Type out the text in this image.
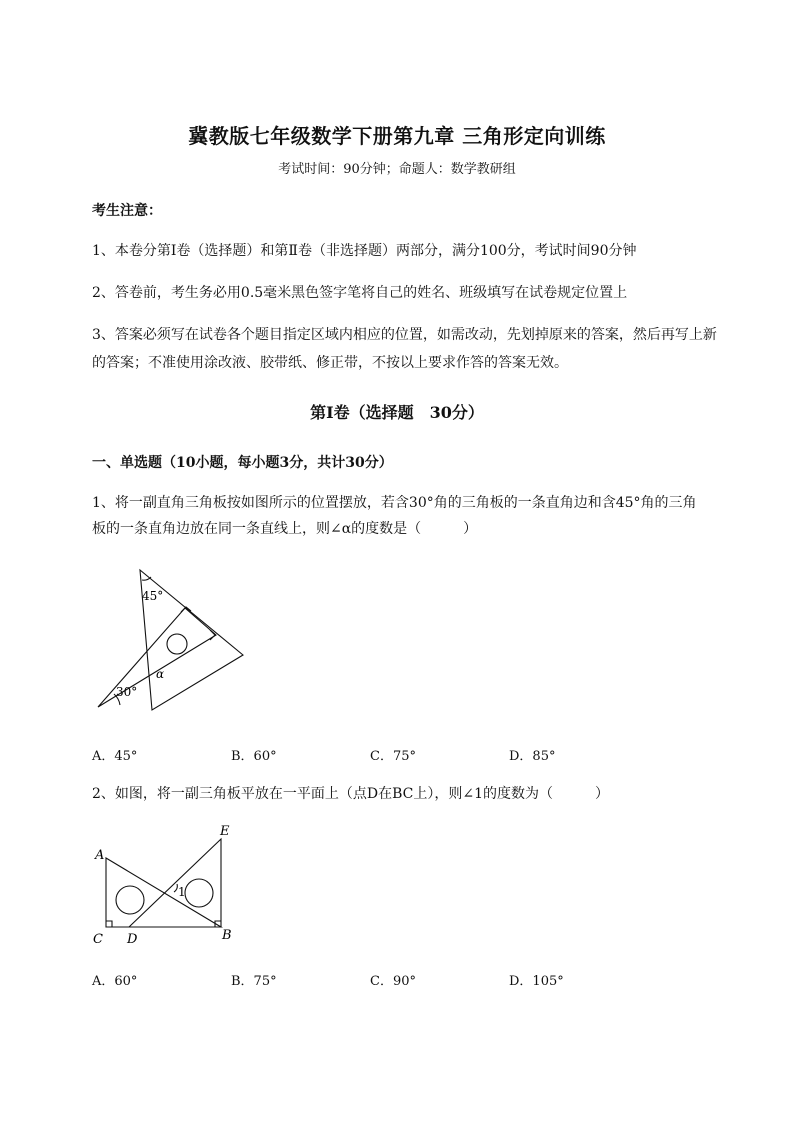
冀教版七年级数学下册第九章 三角形定向训练
考试时间：90分钟；命题人：数学教研组
考生注意：
1、本卷分第Ⅰ卷（选择题）和第Ⅱ卷（非选择题）两部分，满分100分，考试时间90分钟
2、答卷前，考生务必用0.5毫米黑色签字笔将自己的姓名、班级填写在试卷规定位置上
3、答案必须写在试卷各个题目指定区域内相应的位置，如需改动，先划掉原来的答案，然后再写上新
的答案；不准使用涂改液、胶带纸、修正带，不按以上要求作答的答案无效。
第Ⅰ卷（选择题　30分）
一、单选题（10小题，每小题3分，共计30分）
1、将一副直角三角板按如图所示的位置摆放，若含30°角的三角板的一条直角边和含45°角的三角
板的一条直角边放在同一条直线上，则∠α的度数是（　　　）
45°
30°
α
A．45°	B．60°	C．75°	D．85°
2、如图，将一副三角板平放在一平面上（点D在BC上），则∠1的度数为（　　　）
A
E
1
C D	B
A．60°	B．75°	C．90°	D．105°
